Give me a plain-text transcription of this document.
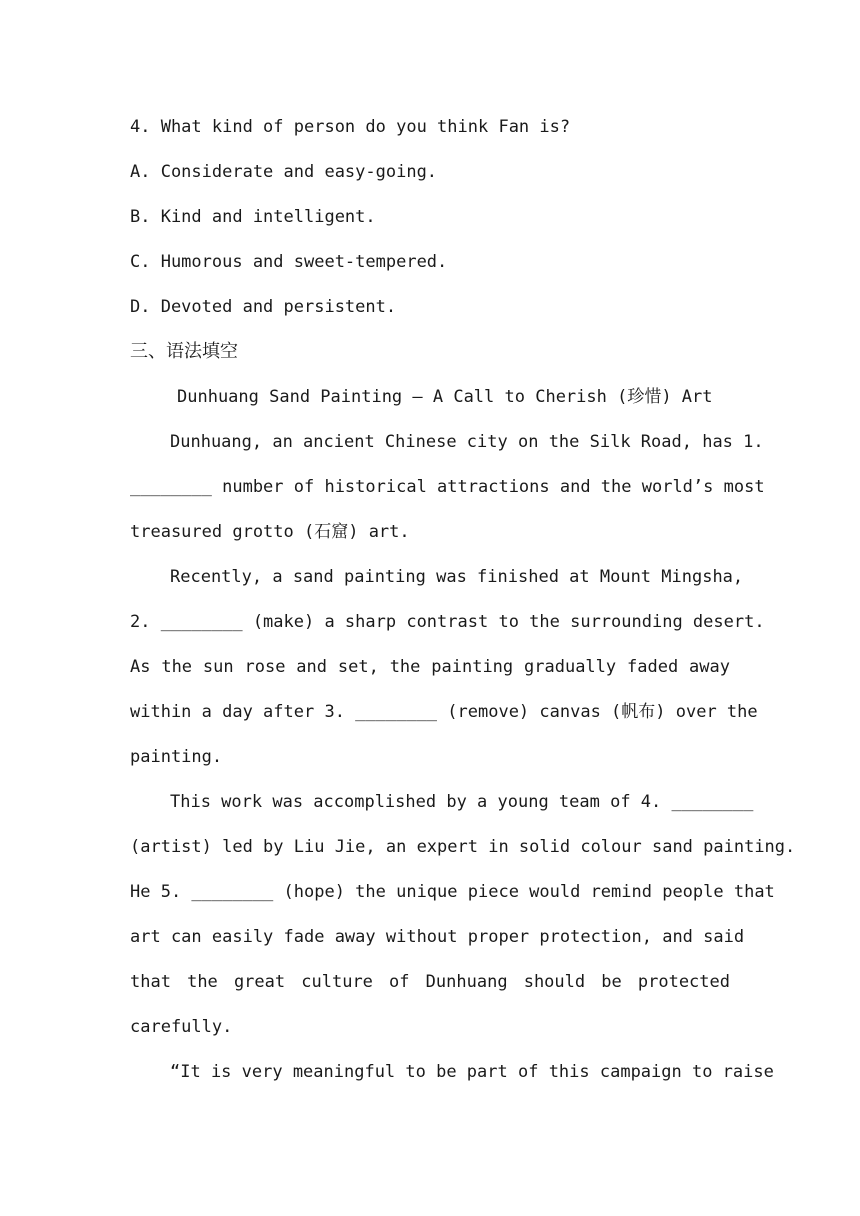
4. What kind of person do you think Fan is?
A. Considerate and easy-going.
B. Kind and intelligent.
C. Humorous and sweet-tempered.
D. Devoted and persistent.
三、语法填空
Dunhuang Sand Painting — A Call to Cherish (珍惜) Art
Dunhuang, an ancient Chinese city on the Silk Road, has 1.
________ number of historical attractions and the world’s most
treasured grotto (石窟) art.
Recently, a sand painting was finished at Mount Mingsha,
2. ________ (make) a sharp contrast to the surrounding desert.
As the sun rose and set, the painting gradually faded away
within a day after 3. ________ (remove) canvas (帆布) over the
painting.
This work was accomplished by a young team of 4. ________
(artist) led by Liu Jie, an expert in solid colour sand painting.
He 5. ________ (hope) the unique piece would remind people that
art can easily fade away without proper protection, and said
that the great culture of Dunhuang should be protected
carefully.
“It is very meaningful to be part of this campaign to raise
